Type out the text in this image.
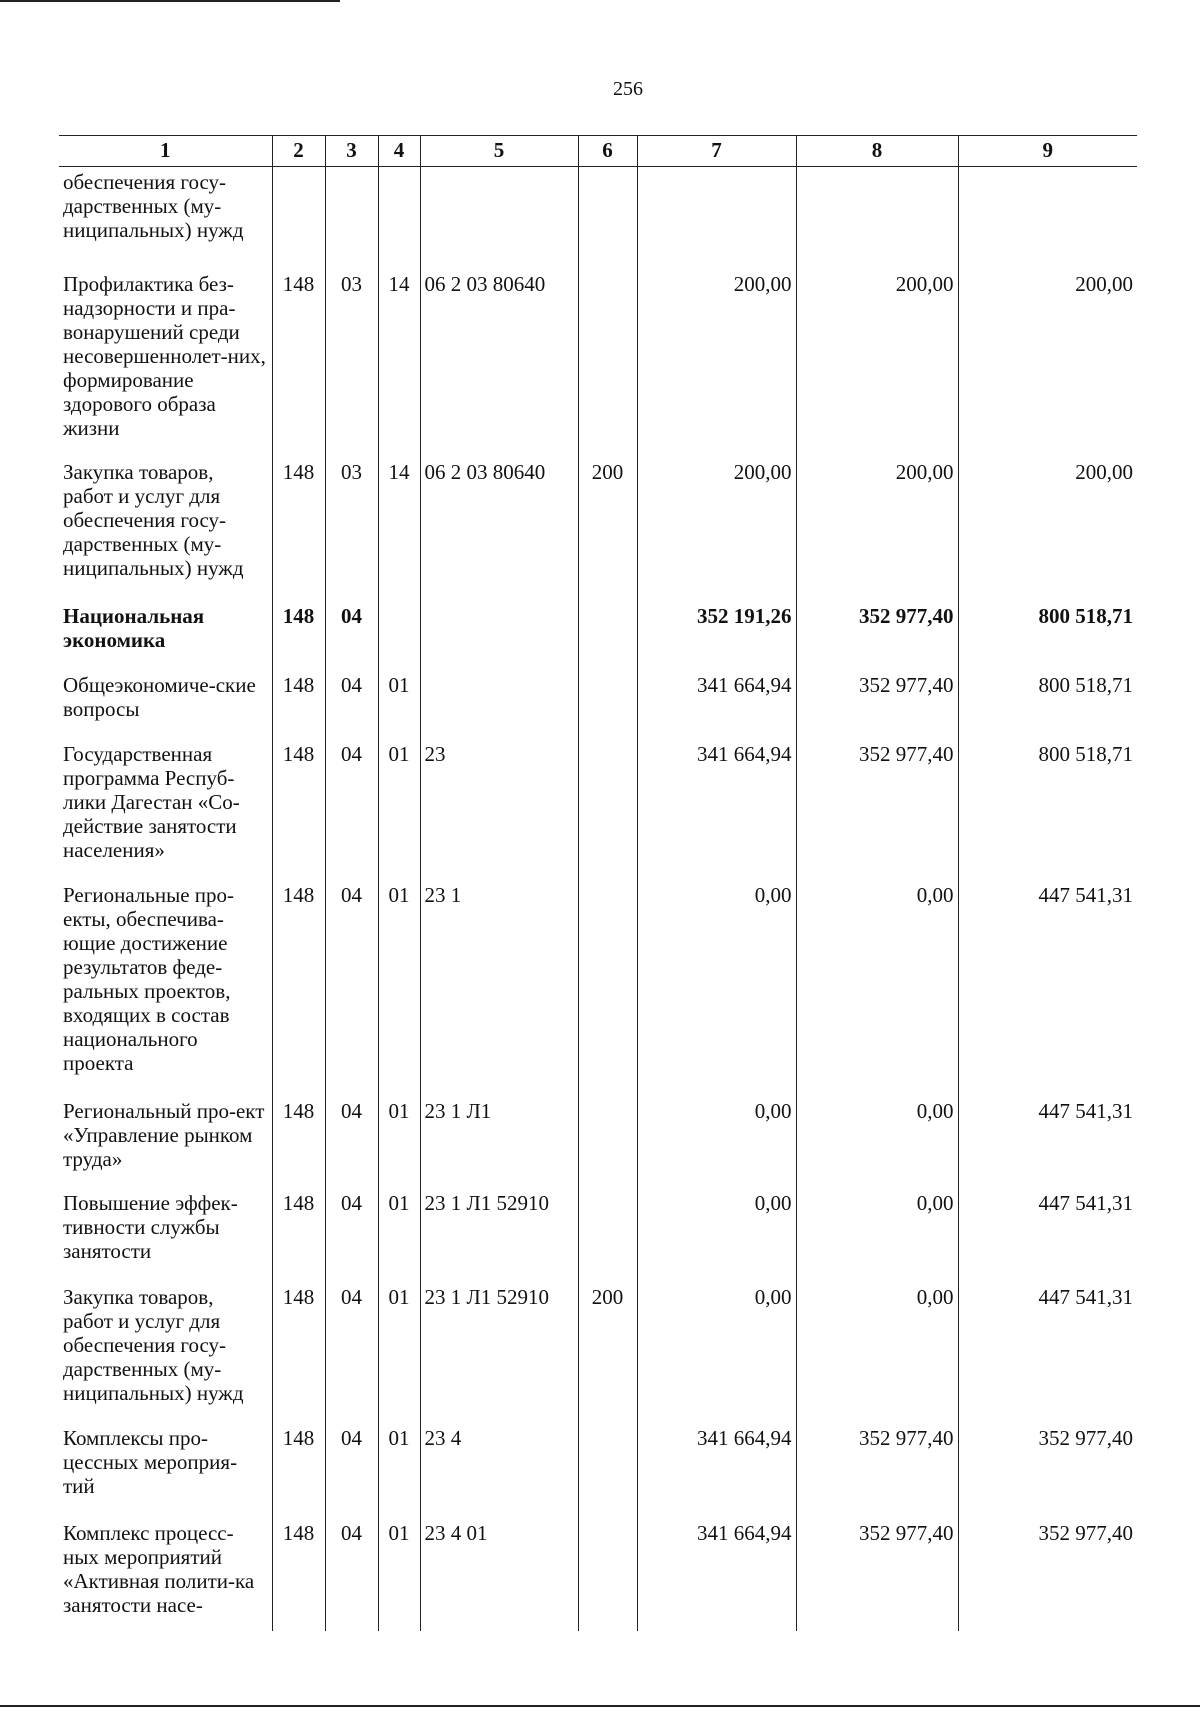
256
1	2	3	4	5	6	7	8	9
обеспечения госу-дарственных (му-ниципальных) нужд								
Профилактика без-надзорности и пра-вонарушений среди несовершеннолет-них, формирование здорового образа жизни	148	03	14	06 2 03 80640		200,00	200,00	200,00
Закупка товаров, работ и услуг для обеспечения госу-дарственных (му-ниципальных) нужд	148	03	14	06 2 03 80640	200	200,00	200,00	200,00
Национальная экономика	148	04				352 191,26	352 977,40	800 518,71
Общеэкономиче-ские вопросы	148	04	01			341 664,94	352 977,40	800 518,71
Государственная программа Респуб-лики Дагестан «Со-действие занятости населения»	148	04	01	23		341 664,94	352 977,40	800 518,71
Региональные про-екты, обеспечива-ющие достижение результатов феде-ральных проектов, входящих в состав национального проекта	148	04	01	23 1		0,00	0,00	447 541,31
Региональный про-ект «Управление рынком труда»	148	04	01	23 1 Л1		0,00	0,00	447 541,31
Повышение эффек-тивности службы занятости	148	04	01	23 1 Л1 52910		0,00	0,00	447 541,31
Закупка товаров, работ и услуг для обеспечения госу-дарственных (му-ниципальных) нужд	148	04	01	23 1 Л1 52910	200	0,00	0,00	447 541,31
Комплексы про-цессных мероприя-тий	148	04	01	23 4		341 664,94	352 977,40	352 977,40
Комплекс процесс-ных мероприятий «Активная полити-ка занятости насе-	148	04	01	23 4 01		341 664,94	352 977,40	352 977,40
